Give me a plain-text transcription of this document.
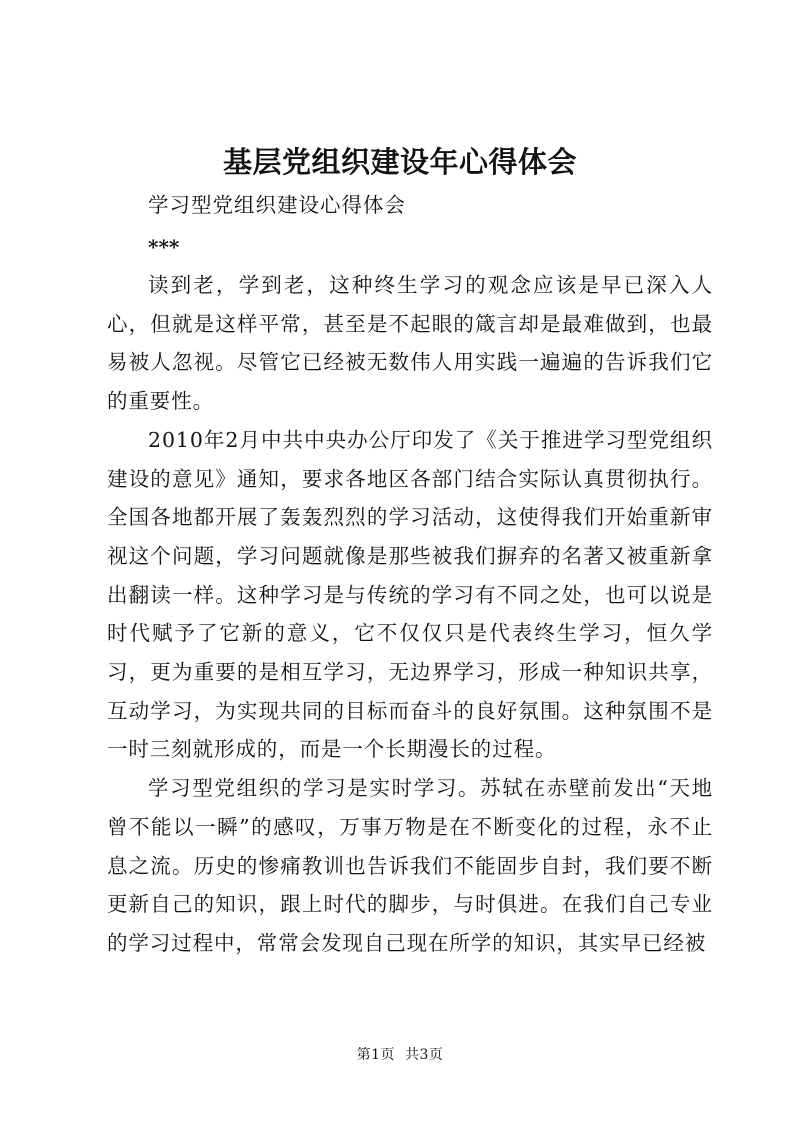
基层党组织建设年心得体会
学习型党组织建设心得体会
***

读到老，学到老，这种终生学习的观念应该是早已深入人心，但就是这样平常，甚至是不起眼的箴言却是最难做到，也最易被人忽视。尽管它已经被无数伟人用实践一遍遍的告诉我们它的重要性。

2010年2月中共中央办公厅印发了《关于推进学习型党组织建设的意见》通知，要求各地区各部门结合实际认真贯彻执行。全国各地都开展了轰轰烈烈的学习活动，这使得我们开始重新审视这个问题，学习问题就像是那些被我们摒弃的名著又被重新拿出翻读一样。这种学习是与传统的学习有不同之处，也可以说是时代赋予了它新的意义，它不仅仅只是代表终生学习，恒久学习，更为重要的是相互学习，无边界学习，形成一种知识共享，互动学习，为实现共同的目标而奋斗的良好氛围。这种氛围不是一时三刻就形成的，而是一个长期漫长的过程。

学习型党组织的学习是实时学习。苏轼在赤壁前发出“天地曾不能以一瞬”的感叹，万事万物是在不断变化的过程，永不止息之流。历史的惨痛教训也告诉我们不能固步自封，我们要不断更新自己的知识，跟上时代的脚步，与时俱进。在我们自己专业的学习过程中，常常会发现自己现在所学的知识，其实早已经被

第1页 共3页
